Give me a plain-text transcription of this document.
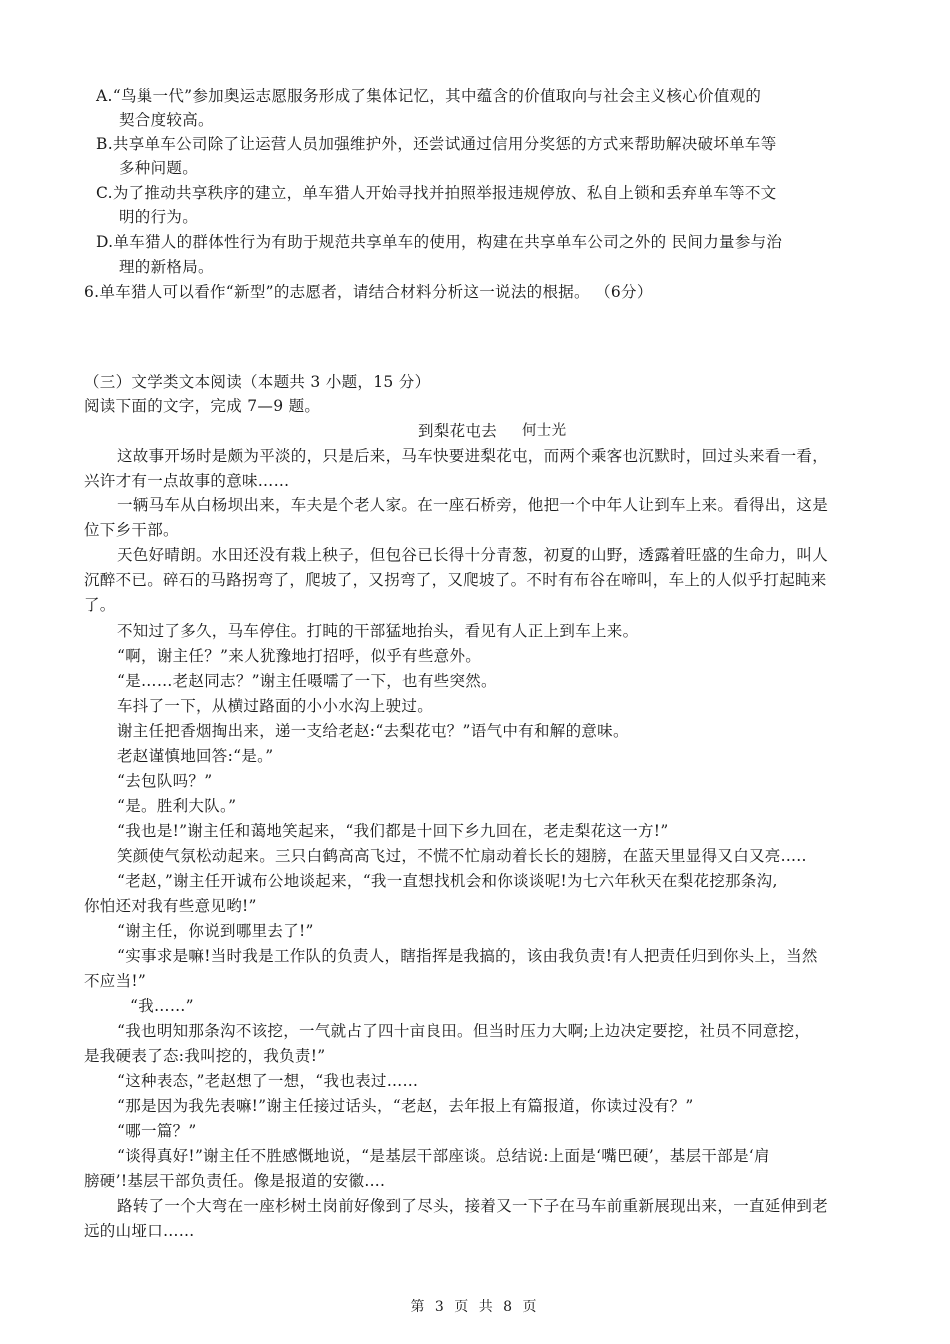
A.“鸟巢一代”参加奥运志愿服务形成了集体记忆，其中蕴含的价值取向与社会主义核心价值观的
契合度较高。
B.共享单车公司除了让运营人员加强维护外，还尝试通过信用分奖惩的方式来帮助解决破坏单车等
多种问题。
C.为了推动共享秩序的建立，单车猎人开始寻找并拍照举报违规停放、私自上锁和丢弃单车等不文
明的行为。
D.单车猎人的群体性行为有助于规范共享单车的使用，构建在共享单车公司之外的 民间力量参与治
理的新格局。
6.单车猎人可以看作“新型”的志愿者，请结合材料分析这一说法的根据。 （6分）
（三）文学类文本阅读（本题共 3 小题，15 分）
阅读下面的文字，完成 7—9 题。
到梨花屯去 何士光
这故事开场时是颇为平淡的，只是后来，马车快要进梨花屯，而两个乘客也沉默时，回过头来看一看，
兴许才有一点故事的意味……
一辆马车从白杨坝出来，车夫是个老人家。在一座石桥旁，他把一个中年人让到车上来。看得出，这是
位下乡干部。
天色好晴朗。水田还没有栽上秧子，但包谷已长得十分青葱，初夏的山野，透露着旺盛的生命力，叫人
沉醉不已。碎石的马路拐弯了，爬坡了，又拐弯了，又爬坡了。不时有布谷在啼叫，车上的人似乎打起盹来
了。
不知过了多久，马车停住。打盹的干部猛地抬头，看见有人正上到车上来。
“啊，谢主任？”来人犹豫地打招呼，似乎有些意外。
“是……老赵同志？”谢主任嗫嚅了一下，也有些突然。
车抖了一下，从横过路面的小小水沟上驶过。
谢主任把香烟掏出来，递一支给老赵:“去梨花屯？”语气中有和解的意味。
老赵谨慎地回答:“是。”
“去包队吗？”
“是。胜利大队。”
“我也是!”谢主任和蔼地笑起来，“我们都是十回下乡九回在，老走梨花这一方!”
笑颜使气氛松动起来。三只白鹤高高飞过，不慌不忙扇动着长长的翅膀，在蓝天里显得又白又亮.....
“老赵，”谢主任开诚布公地谈起来，“我一直想找机会和你谈谈呢!为七六年秋天在梨花挖那条沟,
你怕还对我有些意见哟!”
“谢主任，你说到哪里去了!”
“实事求是嘛!当时我是工作队的负责人，瞎指挥是我搞的，该由我负责!有人把责任归到你头上，当然
不应当!”
“我……”
“我也明知那条沟不该挖，一气就占了四十亩良田。但当时压力大啊;上边决定要挖，社员不同意挖，
是我硬表了态:我叫挖的，我负责!”
“这种表态，”老赵想了一想，“我也表过……
“那是因为我先表嘛!”谢主任接过话头，“老赵，去年报上有篇报道，你读过没有？”
“哪一篇？”
“谈得真好!”谢主任不胜感慨地说，“是基层干部座谈。总结说:上面是‘嘴巴硬’，基层干部是‘肩
膀硬’!基层干部负责任。像是报道的安徽....
路转了一个大弯在一座杉树土岗前好像到了尽头，接着又一下子在马车前重新展现出来，一直延伸到老
远的山垭口……
第 3 页 共 8 页
